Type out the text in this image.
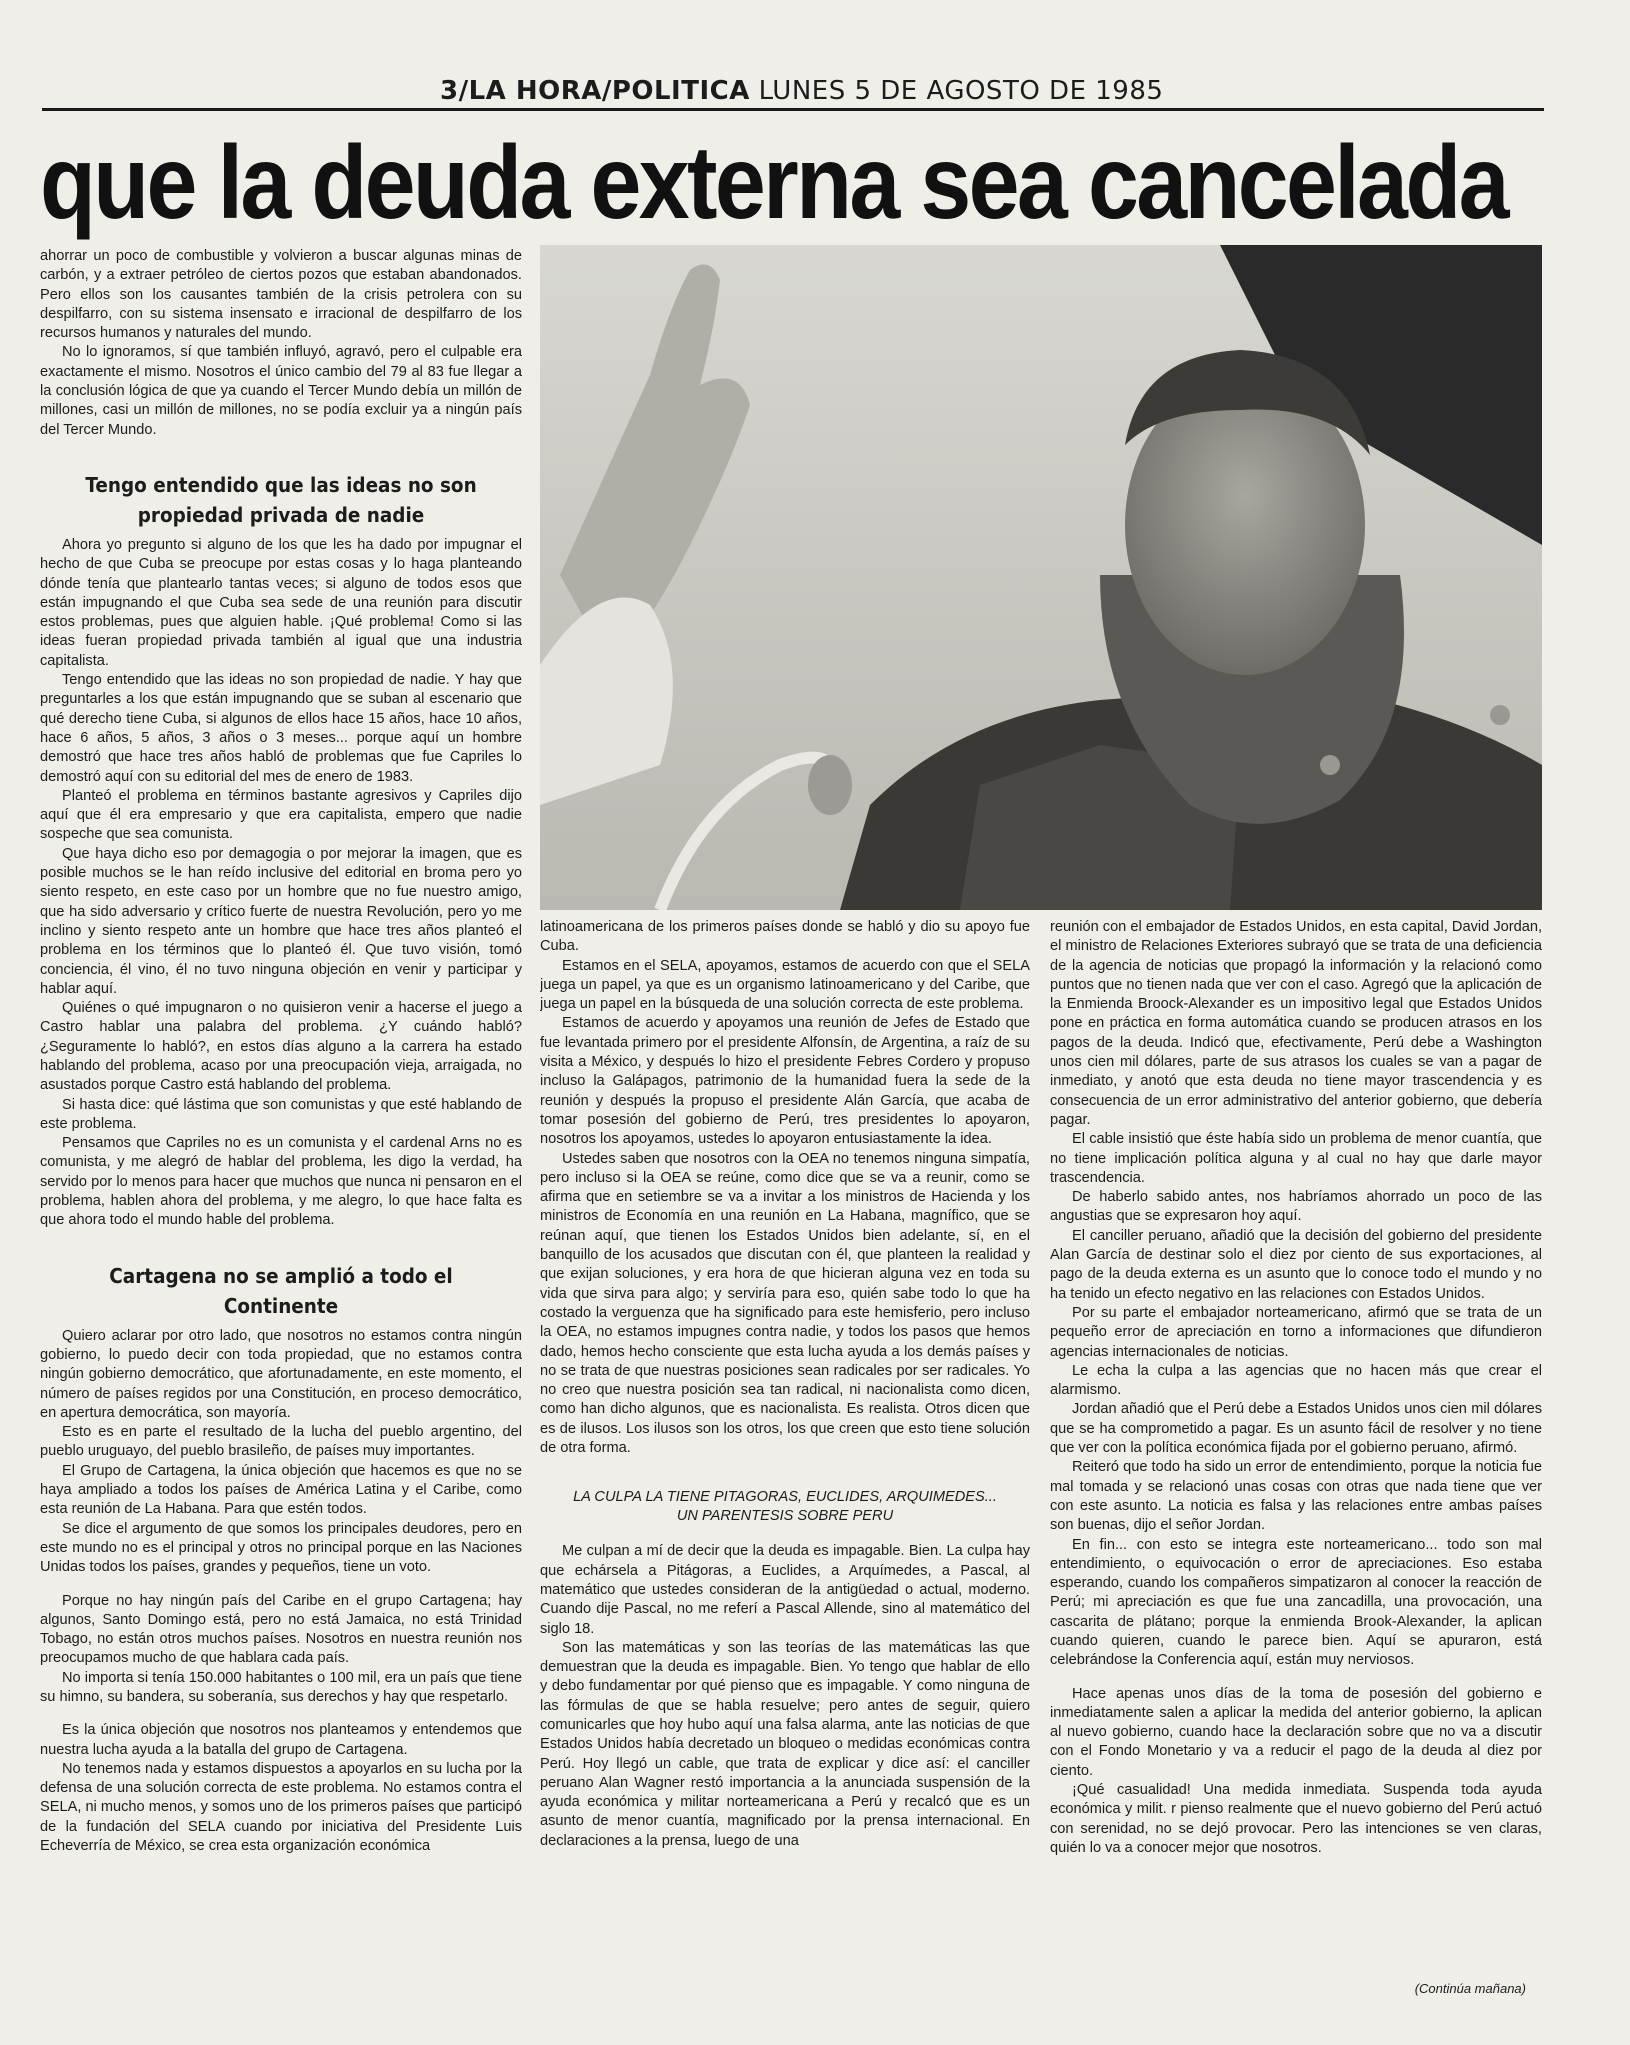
3/LA HORA/POLITICA LUNES 5 DE AGOSTO DE 1985
que la deuda externa sea cancelada

ahorrar un poco de combustible y volvieron a buscar algunas minas de carbón, y a extraer petróleo de ciertos pozos que estaban abandonados. Pero ellos son los causantes también de la crisis petrolera con su despilfarro, con su sistema insensato e irracional de despilfarro de los recursos humanos y naturales del mundo.

No lo ignoramos, sí que también influyó, agravó, pero el culpable era exactamente el mismo. Nosotros el único cambio del 79 al 83 fue llegar a la conclusión lógica de que ya cuando el Tercer Mundo debía un millón de millones, casi un millón de millones, no se podía excluir ya a ningún país del Tercer Mundo.

Tengo entendido que las ideas no son propiedad privada de nadie

Ahora yo pregunto si alguno de los que les ha dado por impugnar el hecho de que Cuba se preocupe por estas cosas y lo haga planteando dónde tenía que plantearlo tantas veces; si alguno de todos esos que están impugnando el que Cuba sea sede de una reunión para discutir estos problemas, pues que alguien hable. ¡Qué problema! Como si las ideas fueran propiedad privada también al igual que una industria capitalista.

Tengo entendido que las ideas no son propiedad de nadie. Y hay que preguntarles a los que están impugnando que se suban al escenario que qué derecho tiene Cuba, si algunos de ellos hace 15 años, hace 10 años, hace 6 años, 5 años, 3 años o 3 meses... porque aquí un hombre demostró que hace tres años habló de problemas que fue Capriles lo demostró aquí con su editorial del mes de enero de 1983.

Planteó el problema en términos bastante agresivos y Capriles dijo aquí que él era empresario y que era capitalista, empero que nadie sospeche que sea comunista.

Que haya dicho eso por demagogia o por mejorar la imagen, que es posible muchos se le han reído inclusive del editorial en broma pero yo siento respeto, en este caso por un hombre que no fue nuestro amigo, que ha sido adversario y crítico fuerte de nuestra Revolución, pero yo me inclino y siento respeto ante un hombre que hace tres años planteó el problema en los términos que lo planteó él. Que tuvo visión, tomó conciencia, él vino, él no tuvo ninguna objeción en venir y participar y hablar aquí.

Quiénes o qué impugnaron o no quisieron venir a hacerse el juego a Castro hablar una palabra del problema. ¿Y cuándo habló? ¿Seguramente lo habló?, en estos días alguno a la carrera ha estado hablando del problema, acaso por una preocupación vieja, arraigada, no asustados porque Castro está hablando del problema.

Si hasta dice: qué lástima que son comunistas y que esté hablando de este problema.

Pensamos que Capriles no es un comunista y el cardenal Arns no es comunista, y me alegró de hablar del problema, les digo la verdad, ha servido por lo menos para hacer que muchos que nunca ni pensaron en el problema, hablen ahora del problema, y me alegro, lo que hace falta es que ahora todo el mundo hable del problema.

Cartagena no se amplió a todo el Continente

Quiero aclarar por otro lado, que nosotros no estamos contra ningún gobierno, lo puedo decir con toda propiedad, que no estamos contra ningún gobierno democrático, que afortunadamente, en este momento, el número de países regidos por una Constitución, en proceso democrático, en apertura democrática, son mayoría.

Esto es en parte el resultado de la lucha del pueblo argentino, del pueblo uruguayo, del pueblo brasileño, de países muy importantes.

El Grupo de Cartagena, la única objeción que hacemos es que no se haya ampliado a todos los países de América Latina y el Caribe, como esta reunión de La Habana. Para que estén todos.

Se dice el argumento de que somos los principales deudores, pero en este mundo no es el principal y otros no principal porque en las Naciones Unidas todos los países, grandes y pequeños, tiene un voto.

Porque no hay ningún país del Caribe en el grupo Cartagena; hay algunos, Santo Domingo está, pero no está Jamaica, no está Trinidad Tobago, no están otros muchos países. Nosotros en nuestra reunión nos preocupamos mucho de que hablara cada país.

No importa si tenía 150.000 habitantes o 100 mil, era un país que tiene su himno, su bandera, su soberanía, sus derechos y hay que respetarlo.

Es la única objeción que nosotros nos planteamos y entendemos que nuestra lucha ayuda a la batalla del grupo de Cartagena.

No tenemos nada y estamos dispuestos a apoyarlos en su lucha por la defensa de una solución correcta de este problema. No estamos contra el SELA, ni mucho menos, y somos uno de los primeros países que participó de la fundación del SELA cuando por iniciativa del Presidente Luis Echeverría de México, se crea esta organización económica

latinoamericana de los primeros países donde se habló y dio su apoyo fue Cuba.

Estamos en el SELA, apoyamos, estamos de acuerdo con que el SELA juega un papel, ya que es un organismo latinoamericano y del Caribe, que juega un papel en la búsqueda de una solución correcta de este problema.

Estamos de acuerdo y apoyamos una reunión de Jefes de Estado que fue levantada primero por el presidente Alfonsín, de Argentina, a raíz de su visita a México, y después lo hizo el presidente Febres Cordero y propuso incluso la Galápagos, patrimonio de la humanidad fuera la sede de la reunión y después la propuso el presidente Alán García, que acaba de tomar posesión del gobierno de Perú, tres presidentes lo apoyaron, nosotros los apoyamos, ustedes lo apoyaron entusiastamente la idea.

Ustedes saben que nosotros con la OEA no tenemos ninguna simpatía, pero incluso si la OEA se reúne, como dice que se va a reunir, como se afirma que en setiembre se va a invitar a los ministros de Hacienda y los ministros de Economía en una reunión en La Habana, magnífico, que se reúnan aquí, que tienen los Estados Unidos bien adelante, sí, en el banquillo de los acusados que discutan con él, que planteen la realidad y que exijan soluciones, y era hora de que hicieran alguna vez en toda su vida que sirva para algo; y serviría para eso, quién sabe todo lo que ha costado la verguenza que ha significado para este hemisferio, pero incluso la OEA, no estamos impugnes contra nadie, y todos los pasos que hemos dado, hemos hecho consciente que esta lucha ayuda a los demás países y no se trata de que nuestras posiciones sean radicales por ser radicales. Yo no creo que nuestra posición sea tan radical, ni nacionalista como dicen, como han dicho algunos, que es nacionalista. Es realista. Otros dicen que es de ilusos. Los ilusos son los otros, los que creen que esto tiene solución de otra forma.

LA CULPA LA TIENE PITAGORAS, EUCLIDES, ARQUIMEDES...
UN PARENTESIS SOBRE PERU

Me culpan a mí de decir que la deuda es impagable. Bien. La culpa hay que echársela a Pitágoras, a Euclides, a Arquímedes, a Pascal, al matemático que ustedes consideran de la antigüedad o actual, moderno. Cuando dije Pascal, no me referí a Pascal Allende, sino al matemático del siglo 18.

Son las matemáticas y son las teorías de las matemáticas las que demuestran que la deuda es impagable. Bien. Yo tengo que hablar de ello y debo fundamentar por qué pienso que es impagable. Y como ninguna de las fórmulas de que se habla resuelve; pero antes de seguir, quiero comunicarles que hoy hubo aquí una falsa alarma, ante las noticias de que Estados Unidos había decretado un bloqueo o medidas económicas contra Perú. Hoy llegó un cable, que trata de explicar y dice así: el canciller peruano Alan Wagner restó importancia a la anunciada suspensión de la ayuda económica y militar norteamericana a Perú y recalcó que es un asunto de menor cuantía, magnificado por la prensa internacional. En declaraciones a la prensa, luego de una

reunión con el embajador de Estados Unidos, en esta capital, David Jordan, el ministro de Relaciones Exteriores subrayó que se trata de una deficiencia de la agencia de noticias que propagó la información y la relacionó como puntos que no tienen nada que ver con el caso. Agregó que la aplicación de la Enmienda Broock-Alexander es un impositivo legal que Estados Unidos pone en práctica en forma automática cuando se producen atrasos en los pagos de la deuda. Indicó que, efectivamente, Perú debe a Washington unos cien mil dólares, parte de sus atrasos los cuales se van a pagar de inmediato, y anotó que esta deuda no tiene mayor trascendencia y es consecuencia de un error administrativo del anterior gobierno, que debería pagar.

El cable insistió que éste había sido un problema de menor cuantía, que no tiene implicación política alguna y al cual no hay que darle mayor trascendencia.

De haberlo sabido antes, nos habríamos ahorrado un poco de las angustias que se expresaron hoy aquí.

El canciller peruano, añadió que la decisión del gobierno del presidente Alan García de destinar solo el diez por ciento de sus exportaciones, al pago de la deuda externa es un asunto que lo conoce todo el mundo y no ha tenido un efecto negativo en las relaciones con Estados Unidos.

Por su parte el embajador norteamericano, afirmó que se trata de un pequeño error de apreciación en torno a informaciones que difundieron agencias internacionales de noticias.

Le echa la culpa a las agencias que no hacen más que crear el alarmismo.

Jordan añadió que el Perú debe a Estados Unidos unos cien mil dólares que se ha comprometido a pagar. Es un asunto fácil de resolver y no tiene que ver con la política económica fijada por el gobierno peruano, afirmó.

Reiteró que todo ha sido un error de entendimiento, porque la noticia fue mal tomada y se relacionó unas cosas con otras que nada tiene que ver con este asunto. La noticia es falsa y las relaciones entre ambas países son buenas, dijo el señor Jordan.

En fin... con esto se integra este norteamericano... todo son mal entendimiento, o equivocación o error de apreciaciones. Eso estaba esperando, cuando los compañeros simpatizaron al conocer la reacción de Perú; mi apreciación es que fue una zancadilla, una provocación, una cascarita de plátano; porque la enmienda Brook-Alexander, la aplican cuando quieren, cuando le parece bien. Aquí se apuraron, está celebrándose la Conferencia aquí, están muy nerviosos.

Hace apenas unos días de la toma de posesión del gobierno e inmediatamente salen a aplicar la medida del anterior gobierno, la aplican al nuevo gobierno, cuando hace la declaración sobre que no va a discutir con el Fondo Monetario y va a reducir el pago de la deuda al diez por ciento.

¡Qué casualidad! Una medida inmediata. Suspenda toda ayuda económica y milit. r pienso realmente que el nuevo gobierno del Perú actuó con serenidad, no se dejó provocar. Pero las intenciones se ven claras, quién lo va a conocer mejor que nosotros.

(Continúa mañana)
